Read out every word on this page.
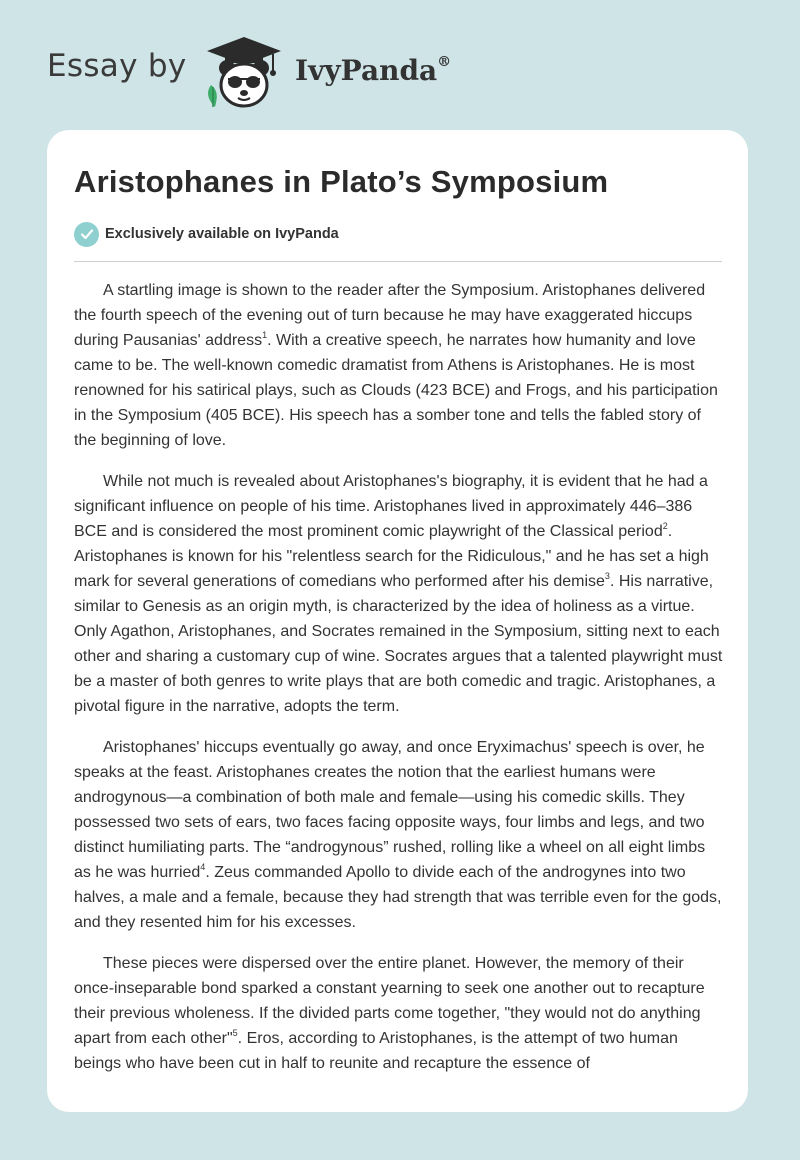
Essay by	IvyPanda®
Aristophanes in Plato’s Symposium
Exclusively available on IvyPanda

A startling image is shown to the reader after the Symposium. Aristophanes delivered the fourth speech of the evening out of turn because he may have exaggerated hiccups during Pausanias' address$^1$. With a creative speech, he narrates how humanity and love came to be. The well-known comedic dramatist from Athens is Aristophanes. He is most renowned for his satirical plays, such as Clouds (423 BCE) and Frogs, and his participation in the Symposium (405 BCE). His speech has a somber tone and tells the fabled story of the beginning of love.

While not much is revealed about Aristophanes's biography, it is evident that he had a significant influence on people of his time. Aristophanes lived in approximately 446–386 BCE and is considered the most prominent comic playwright of the Classical period$^2$. Aristophanes is known for his "relentless search for the Ridiculous," and he has set a high mark for several generations of comedians who performed after his demise$^3$. His narrative, similar to Genesis as an origin myth, is characterized by the idea of holiness as a virtue. Only Agathon, Aristophanes, and Socrates remained in the Symposium, sitting next to each other and sharing a customary cup of wine. Socrates argues that a talented playwright must be a master of both genres to write plays that are both comedic and tragic. Aristophanes, a pivotal figure in the narrative, adopts the term.

Aristophanes' hiccups eventually go away, and once Eryximachus' speech is over, he speaks at the feast. Aristophanes creates the notion that the earliest humans were androgynous—a combination of both male and female—using his comedic skills. They possessed two sets of ears, two faces facing opposite ways, four limbs and legs, and two distinct humiliating parts. The “androgynous” rushed, rolling like a wheel on all eight limbs as he was hurried$^4$. Zeus commanded Apollo to divide each of the androgynes into two halves, a male and a female, because they had strength that was terrible even for the gods, and they resented him for his excesses.

These pieces were dispersed over the entire planet. However, the memory of their once-inseparable bond sparked a constant yearning to seek one another out to recapture their previous wholeness. If the divided parts come together, "they would not do anything apart from each other"$^5$. Eros, according to Aristophanes, is the attempt of two human beings who have been cut in half to reunite and recapture the essence of
